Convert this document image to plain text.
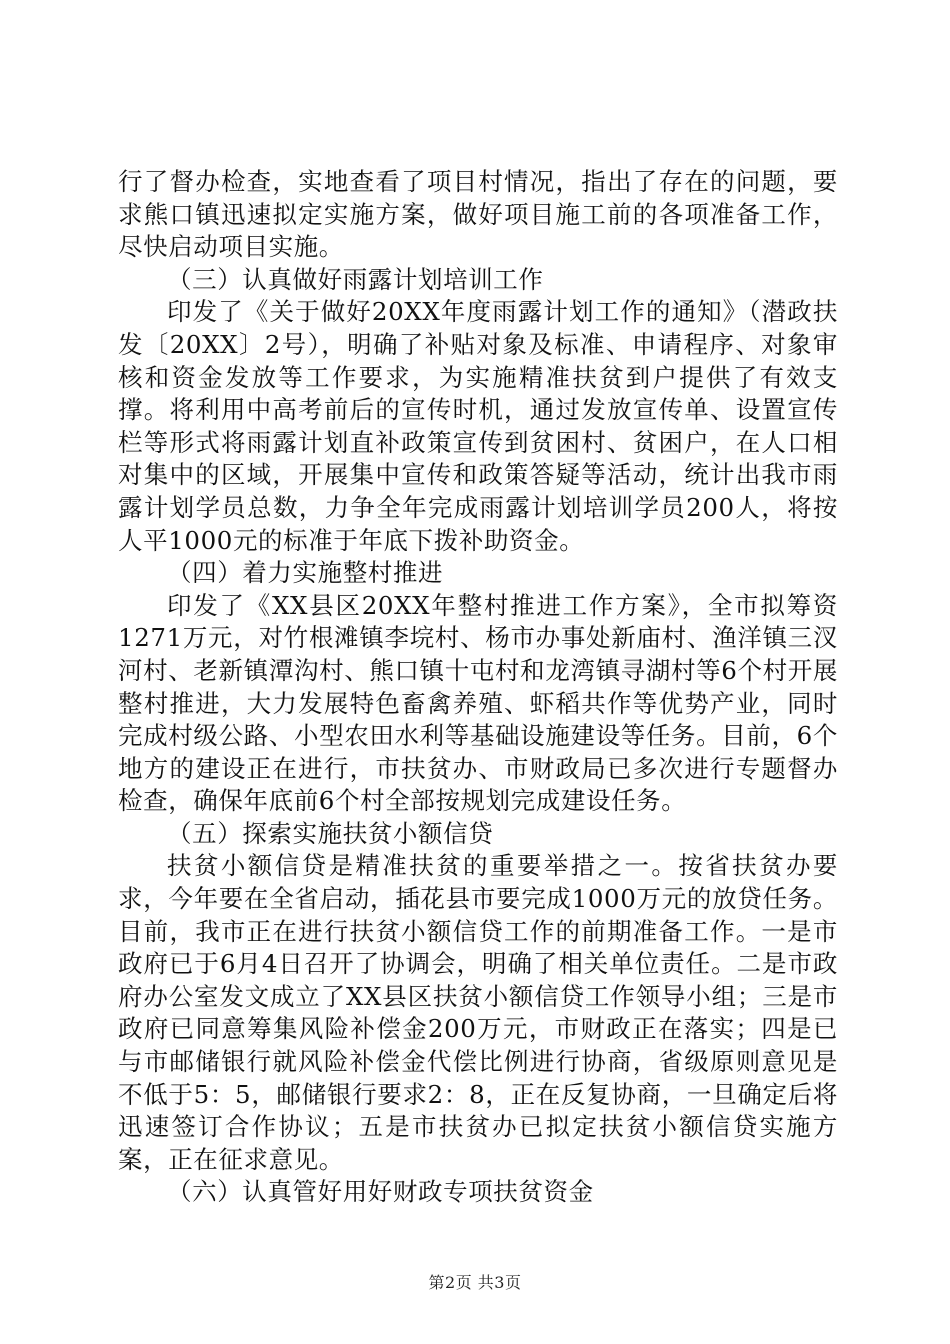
行了督办检查，实地查看了项目村情况，指出了存在的问题，要求熊口镇迅速拟定实施方案，做好项目施工前的各项准备工作，尽快启动项目实施。

（三）认真做好雨露计划培训工作

印发了《关于做好20XX年度雨露计划工作的通知》（潜政扶发〔20XX〕2号），明确了补贴对象及标准、申请程序、对象审核和资金发放等工作要求，为实施精准扶贫到户提供了有效支撑。将利用中高考前后的宣传时机，通过发放宣传单、设置宣传栏等形式将雨露计划直补政策宣传到贫困村、贫困户，在人口相对集中的区域，开展集中宣传和政策答疑等活动，统计出我市雨露计划学员总数，力争全年完成雨露计划培训学员200人，将按人平1000元的标准于年底下拨补助资金。

（四）着力实施整村推进

印发了《XX县区20XX年整村推进工作方案》，全市拟筹资1271万元，对竹根滩镇李垸村、杨市办事处新庙村、渔洋镇三汊河村、老新镇潭沟村、熊口镇十屯村和龙湾镇寻湖村等6个村开展整村推进，大力发展特色畜禽养殖、虾稻共作等优势产业，同时完成村级公路、小型农田水利等基础设施建设等任务。目前，6个地方的建设正在进行，市扶贫办、市财政局已多次进行专题督办检查，确保年底前6个村全部按规划完成建设任务。

（五）探索实施扶贫小额信贷

扶贫小额信贷是精准扶贫的重要举措之一。按省扶贫办要求，今年要在全省启动，插花县市要完成1000万元的放贷任务。目前，我市正在进行扶贫小额信贷工作的前期准备工作。一是市政府已于6月4日召开了协调会，明确了相关单位责任。二是市政府办公室发文成立了XX县区扶贫小额信贷工作领导小组；三是市政府已同意筹集风险补偿金200万元，市财政正在落实；四是已与市邮储银行就风险补偿金代偿比例进行协商，省级原则意见是不低于5：5，邮储银行要求2：8，正在反复协商，一旦确定后将迅速签订合作协议；五是市扶贫办已拟定扶贫小额信贷实施方案，正在征求意见。

（六）认真管好用好财政专项扶贫资金

第2页 共3页
